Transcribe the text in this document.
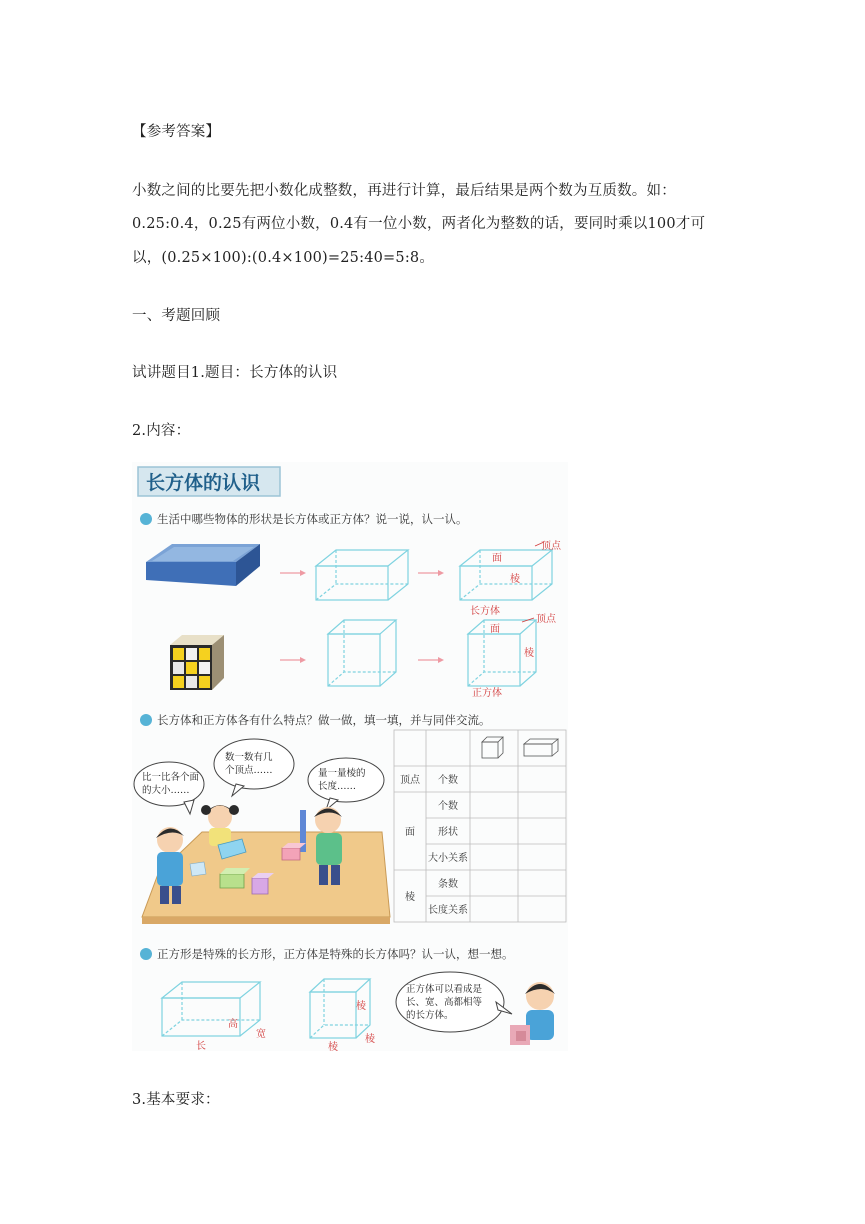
【参考答案】
小数之间的比要先把小数化成整数，再进行计算，最后结果是两个数为互质数。如：
0.25:0.4，0.25有两位小数，0.4有一位小数，两者化为整数的话，要同时乘以100才可
以，(0.25×100):(0.4×100)=25:40=5:8。
一、考题回顾
试讲题目1.题目：长方体的认识
2.内容：
长方体的认识
生活中哪些物体的形状是长方体或正方体？说一说，认一认。
面
顶点
棱
长方体
面
顶点
棱
正方体
长方体和正方体各有什么特点？做一做，填一填，并与同伴交流。
比一比各个面
的大小……
数一数有几
个顶点……	量一量棱的
长度……
顶点
面
棱
个数
个数
形状
大小关系
条数
长度关系
正方形是特殊的长方形，正方体是特殊的长方体吗？认一认，想一想。
长
高
宽
棱
棱
棱
正方体可以看成是
长、宽、高都相等
的长方体。
3.基本要求：
